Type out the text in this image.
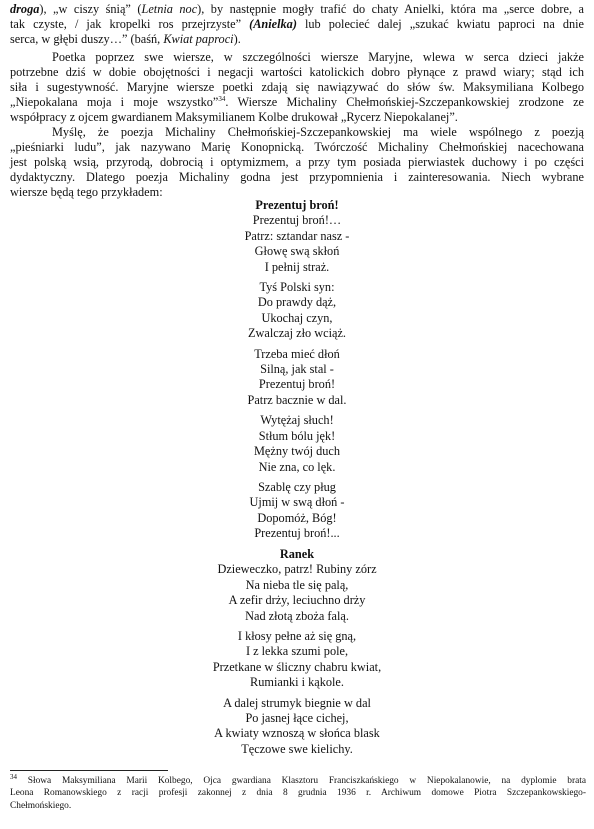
droga), „w ciszy śnią” (Letnia noc), by następnie mogły trafić do chaty Anielki, która ma „serce dobre, a
tak czyste, / jak kropelki ros przejrzyste” (Anielka) lub polecieć dalej „szukać kwiatu paproci na dnie
serca, w głębi duszy…” (baśń, Kwiat paproci).

Poetka poprzez swe wiersze, w szczególności wiersze Maryjne, wlewa w serca dzieci jakże
potrzebne dziś w dobie obojętności i negacji wartości katolickich dobro płynące z prawd wiary; stąd ich
siła i sugestywność. Maryjne wiersze poetki zdają się nawiązywać do słów św. Maksymiliana Kolbego
„Niepokalana moja i moje wszystko”$^{34}$. Wiersze Michaliny Chełmońskiej-Szczepankowskiej zrodzone ze
współpracy z ojcem gwardianem Maksymilianem Kolbe drukował „Rycerz Niepokalanej”.

Myślę, że poezja Michaliny Chełmońskiej-Szczepankowskiej ma wiele wspólnego z poezją
„pieśniarki ludu”, jak nazywano Marię Konopnicką. Twórczość Michaliny Chełmońskiej nacechowana
jest polską wsią, przyrodą, dobrocią i optymizmem, a przy tym posiada pierwiastek duchowy i po części
dydaktyczny. Dlatego poezja Michaliny godna jest przypomnienia i zainteresowania. Niech wybrane
wiersze będą tego przykładem:

Prezentuj broń!
Prezentuj broń!…
Patrz: sztandar nasz -
Głowę swą skłoń
I pełnij straż.
Tyś Polski syn:
Do prawdy dąż,
Ukochaj czyn,
Zwalczaj zło wciąż.
Trzeba mieć dłoń
Silną, jak stal -
Prezentuj broń!
Patrz bacznie w dal.
Wytężaj słuch!
Stłum bólu jęk!
Mężny twój duch
Nie zna, co lęk.
Szablę czy pług
Ujmij w swą dłoń -
Dopomóż, Bóg!
Prezentuj broń!...
Ranek
Dzieweczko, patrz! Rubiny zórz
Na nieba tle się palą,
A zefir drży, leciuchno drży
Nad złotą zboża falą.
I kłosy pełne aż się gną,
I z lekka szumi pole,
Przetkane w śliczny chabru kwiat,
Rumianki i kąkole.
A dalej strumyk biegnie w dal
Po jasnej łące cichej,
A kwiaty wznoszą w słońca blask
Tęczowe swe kielichy.

$^{34}$ Słowa Maksymiliana Marii Kolbego, Ojca gwardiana Klasztoru Franciszkańskiego w Niepokalanowie, na dyplomie brata
Leona Romanowskiego z racji profesji zakonnej z dnia 8 grudnia 1936 r. Archiwum domowe Piotra Szczepankowskiego-
Chełmońskiego.
